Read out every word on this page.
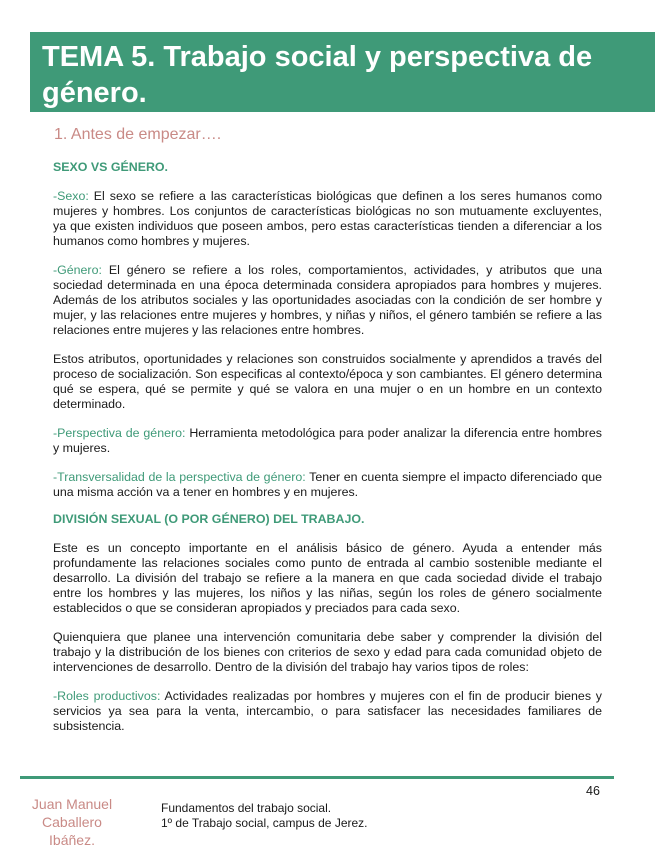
TEMA 5. Trabajo social y perspectiva de género.
1. Antes de empezar….

SEXO VS GÉNERO.

-Sexo: El sexo se refiere a las características biológicas que definen a los seres humanos como mujeres y hombres. Los conjuntos de características biológicas no son mutuamente excluyentes, ya que existen individuos que poseen ambos, pero estas características tienden a diferenciar a los humanos como hombres y mujeres.

-Género: El género se refiere a los roles, comportamientos, actividades, y atributos que una sociedad determinada en una época determinada considera apropiados para hombres y mujeres. Además de los atributos sociales y las oportunidades asociadas con la condición de ser hombre y mujer, y las relaciones entre mujeres y hombres, y niñas y niños, el género también se refiere a las relaciones entre mujeres y las relaciones entre hombres.

Estos atributos, oportunidades y relaciones son construidos socialmente y aprendidos a través del proceso de socialización. Son especificas al contexto/época y son cambiantes. El género determina qué se espera, qué se permite y qué se valora en una mujer o en un hombre en un contexto determinado.

-Perspectiva de género: Herramienta metodológica para poder analizar la diferencia entre hombres y mujeres.

-Transversalidad de la perspectiva de género: Tener en cuenta siempre el impacto diferenciado que una misma acción va a tener en hombres y en mujeres.

DIVISIÓN SEXUAL (O POR GÉNERO) DEL TRABAJO.

Este es un concepto importante en el análisis básico de género. Ayuda a entender más profundamente las relaciones sociales como punto de entrada al cambio sostenible mediante el desarrollo. La división del trabajo se refiere a la manera en que cada sociedad divide el trabajo entre los hombres y las mujeres, los niños y las niñas, según los roles de género socialmente establecidos o que se consideran apropiados y preciados para cada sexo.

Quienquiera que planee una intervención comunitaria debe saber y comprender la división del trabajo y la distribución de los bienes con criterios de sexo y edad para cada comunidad objeto de intervenciones de desarrollo. Dentro de la división del trabajo hay varios tipos de roles:

-Roles productivos: Actividades realizadas por hombres y mujeres con el fin de producir bienes y servicios ya sea para la venta, intercambio, o para satisfacer las necesidades familiares de subsistencia.

46
Juan Manuel
Caballero
Ibáñez.
Fundamentos del trabajo social.
1º de Trabajo social, campus de Jerez.
